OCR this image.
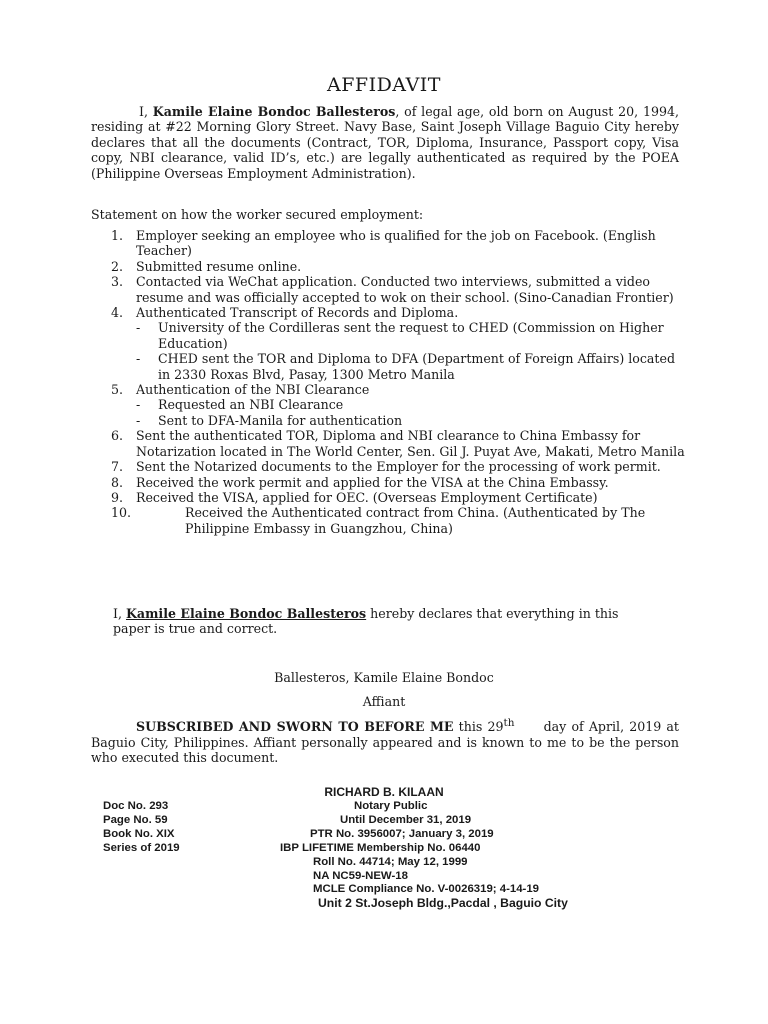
AFFIDAVIT
I, Kamile Elaine Bondoc Ballesteros, of legal age, old born on August 20, 1994, residing at #22 Morning Glory Street. Navy Base, Saint Joseph Village Baguio City hereby declares that all the documents (Contract, TOR, Diploma, Insurance, Passport copy, Visa copy, NBI clearance, valid ID’s, etc.) are legally authenticated as required by the POEA (Philippine Overseas Employment Administration).
Statement on how the worker secured employment:
1. Employer seeking an employee who is qualified for the job on Facebook. (English Teacher)
2. Submitted resume online.
3. Contacted via WeChat application. Conducted two interviews, submitted a video resume and was officially accepted to wok on their school. (Sino-Canadian Frontier)
4. Authenticated Transcript of Records and Diploma.
- University of the Cordilleras sent the request to CHED (Commission on Higher Education)
- CHED sent the TOR and Diploma to DFA (Department of Foreign Affairs) located in 2330 Roxas Blvd, Pasay, 1300 Metro Manila
5. Authentication of the NBI Clearance
- Requested an NBI Clearance
- Sent to DFA-Manila for authentication
6. Sent the authenticated TOR, Diploma and NBI clearance to China Embassy for Notarization located in The World Center, Sen. Gil J. Puyat Ave, Makati, Metro Manila
7. Sent the Notarized documents to the Employer for the processing of work permit.
8. Received the work permit and applied for the VISA at the China Embassy.
9. Received the VISA, applied for OEC. (Overseas Employment Certificate)
10.	Received the Authenticated contract from China. (Authenticated by The Philippine Embassy in Guangzhou, China)
I, Kamile Elaine Bondoc Ballesteros hereby declares that everything in this paper is true and correct.
Ballesteros, Kamile Elaine Bondoc
Affiant
SUBSCRIBED AND SWORN TO BEFORE ME this 29th day of April, 2019 at Baguio City, Philippines. Affiant personally appeared and is known to me to be the person who executed this document.
RICHARD B. KILAAN
Doc No. 293
Page No. 59
Book No. XIX
Series of 2019
Notary Public
Until December 31, 2019
PTR No. 3956007; January 3, 2019
IBP LIFETIME Membership No. 06440
Roll No. 44714; May 12, 1999
NA NC59-NEW-18
MCLE Compliance No. V-0026319; 4-14-19
Unit 2 St.Joseph Bldg.,Pacdal , Baguio City
